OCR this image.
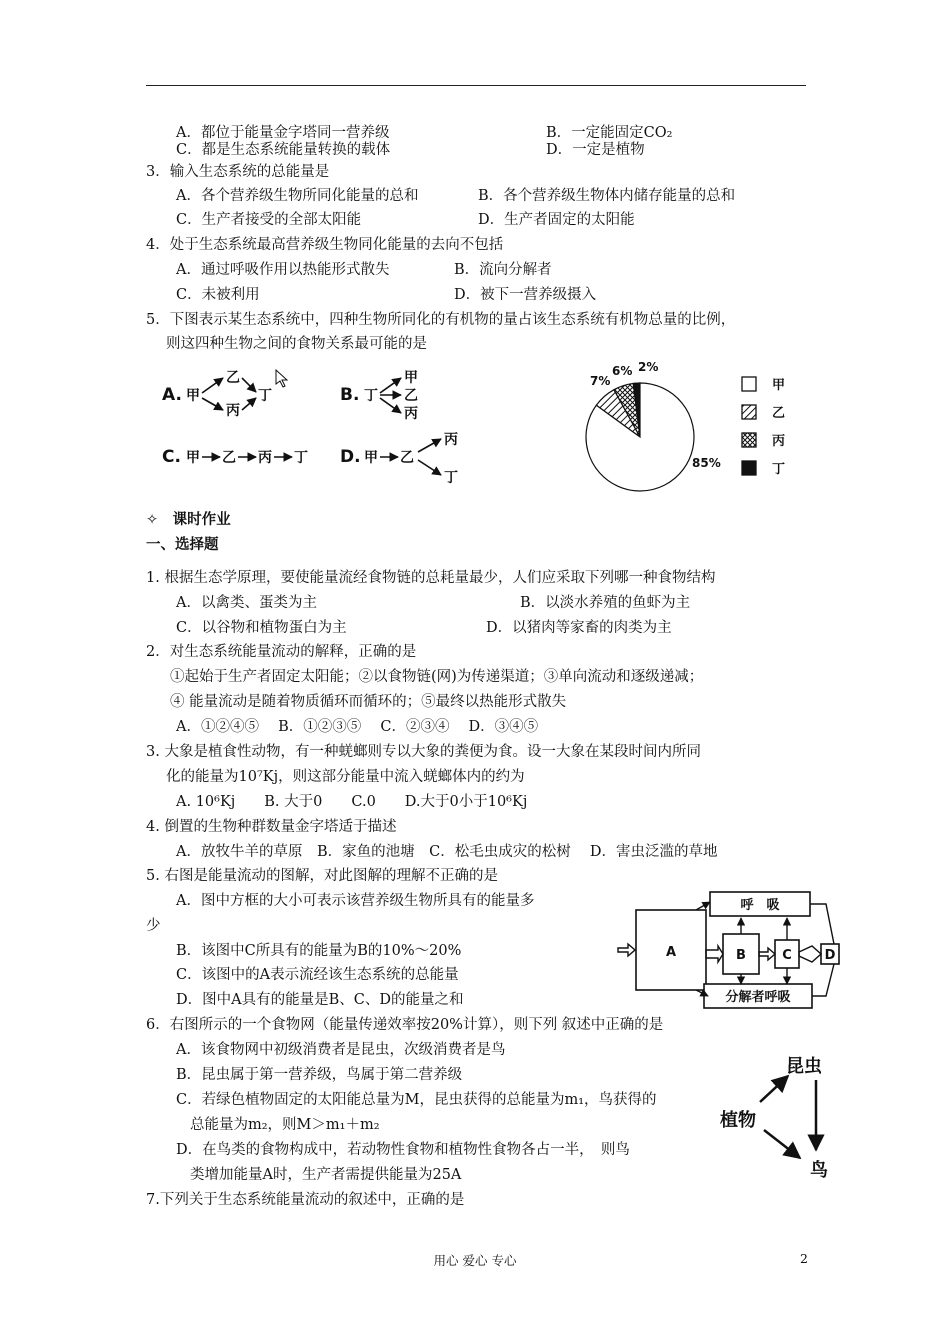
A．都位于能量金字塔同一营养级	B．一定能固定CO₂
C．都是生态系统能量转换的载体	D．一定是植物
3．输入生态系统的总能量是
A．各个营养级生物所同化能量的总和	B．各个营养级生物体内储存能量的总和
C．生产者接受的全部太阳能	D．生产者固定的太阳能
4．处于生态系统最高营养级生物同化能量的去向不包括
A．通过呼吸作用以热能形式散失	B．流向分解者
C．未被利用	D．被下一营养级摄入
5．下图表示某生态系统中，四种生物所同化的有机物的量占该生态系统有机物总量的比例，
则这四种生物之间的食物关系最可能的是
✧　课时作业
一、选择题
1. 根据生态学原理，要使能量流经食物链的总耗量最少，人们应采取下列哪一种食物结构
A．以禽类、蛋类为主	B．以淡水养殖的鱼虾为主
C．以谷物和植物蛋白为主	D．以猪肉等家畜的肉类为主
2．对生态系统能量流动的解释，正确的是
①起始于生产者固定太阳能；②以食物链(网)为传递渠道；③单向流动和逐级递减；
④ 能量流动是随着物质循环而循环的；⑤最终以热能形式散失
A．①②④⑤　 B．①②③⑤　 C．②③④　 D．③④⑤
3. 大象是植食性动物，有一种蜣螂则专以大象的粪便为食。设一大象在某段时间内所同
化的能量为10⁷Kj，则这部分能量中流入蜣螂体内的约为
A. 10⁶Kj　　B. 大于0　　C.0　　D.大于0小于10⁶Kj
4. 倒置的生物种群数量金字塔适于描述
A．放牧牛羊的草原　B．家鱼的池塘　C．松毛虫成灾的松树　 D．害虫泛滥的草地
5. 右图是能量流动的图解，对此图解的理解不正确的是
A．图中方框的大小可表示该营养级生物所具有的能量多
少
B．该图中C所具有的能量为B的10%～20%
C．该图中的A表示流经该生态系统的总能量
D．图中A具有的能量是B、C、D的能量之和
6．右图所示的一个食物网（能量传递效率按20%计算），则下列 叙述中正确的是
A．该食物网中初级消费者是昆虫，次级消费者是鸟
B．昆虫属于第一营养级，鸟属于第二营养级
C．若绿色植物固定的太阳能总量为M，昆虫获得的总能量为m₁，鸟获得的
总能量为m₂，则M＞m₁＋m₂
D．在鸟类的食物构成中，若动物性食物和植物性食物各占一半，　则鸟
类增加能量A时，生产者需提供能量为25A
7.下列关于生态系统能量流动的叙述中，正确的是
A. 甲
乙
丙
丁	B. 丁
甲
乙
丙
C. 甲 乙 丙 丁 D. 甲 乙
丙
丁
85%
7%
6% 2%
甲
乙
丙
丁
呼　吸
分解者呼吸
A	B	C	D
植物
昆虫
鸟
用心 爱心 专心	2
